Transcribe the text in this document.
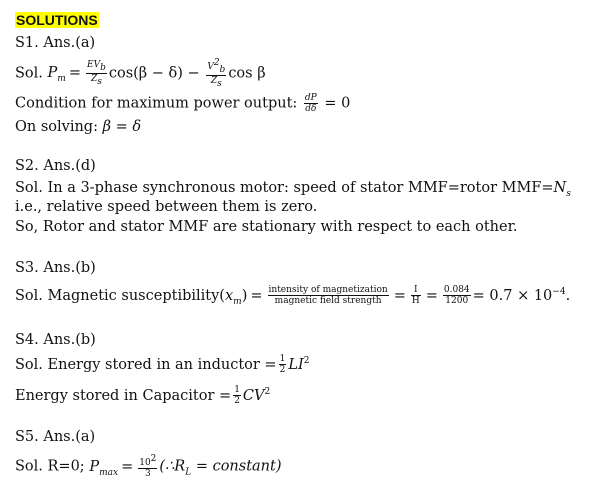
SOLUTIONS
S1. Ans.(a)
Sol. $P_m = \frac{EV_b}{Z_s} \cos(\beta - \delta) - \frac{V^2_b}{Z_s}$ cos β
Condition for maximum power output: $\frac{dP}{d\delta} = 0$
On solving: β = δ
S2. Ans.(d)
Sol. In a 3-phase synchronous motor: speed of stator MMF=rotor $MMF=N_s$
i.e., relative speed between them is zero.
So, Rotor and stator MMF are stationary with respect to each other.
S3. Ans.(b)
Sol. Magnetic $susceptibility(x_m) = \frac{\text{intensity of magnetization}}{\text{magnetic field strength}} = \frac{I}{H} = \frac{0.084}{1200} = 0.7 \times 10^{-4}$.
S4. Ans.(b)
Sol. Energy stored in an inductor = $\frac{1}{2} LI^2$
Energy stored in Capacitor = $\frac{1}{2} CV^2$
S5. Ans.(a)
Sol. R=0; $P_{max} = \frac{10^2}{3}$ ($\therefore R_L$ = constant)
